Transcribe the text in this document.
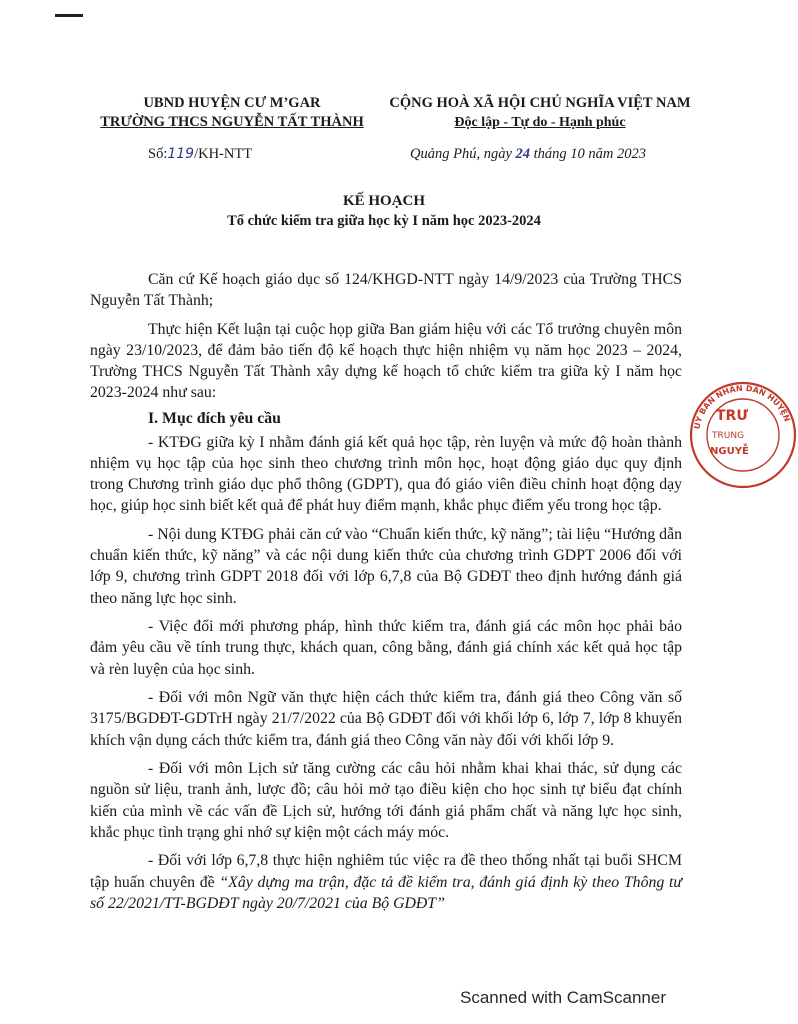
UBND HUYỆN CƯ M’GAR
TRƯỜNG THCS NGUYỄN TẤT THÀNH
CỘNG HOÀ XÃ HỘI CHỦ NGHĨA VIỆT NAM
Độc lập - Tự do - Hạnh phúc
Số:119/KH-NTT	Quảng Phú, ngày 24 tháng 10 năm 2023
KẾ HOẠCH
Tổ chức kiểm tra giữa học kỳ I năm học 2023-2024

Căn cứ Kế hoạch giáo dục số 124/KHGD-NTT ngày 14/9/2023 của Trường THCS Nguyễn Tất Thành;

Thực hiện Kết luận tại cuộc họp giữa Ban giám hiệu với các Tổ trưởng chuyên môn ngày 23/10/2023, để đảm bảo tiến độ kế hoạch thực hiện nhiệm vụ năm học 2023 – 2024, Trường THCS Nguyễn Tất Thành xây dựng kế hoạch tổ chức kiểm tra giữa kỳ I năm học 2023-2024 như sau:

I. Mục đích yêu cầu

- KTĐG giữa kỳ I nhằm đánh giá kết quả học tập, rèn luyện và mức độ hoàn thành nhiệm vụ học tập của học sinh theo chương trình môn học, hoạt động giáo dục quy định trong Chương trình giáo dục phổ thông (GDPT), qua đó giáo viên điều chỉnh hoạt động dạy học, giúp học sinh biết kết quả để phát huy điểm mạnh, khắc phục điểm yếu trong học tập.

- Nội dung KTĐG phải căn cứ vào “Chuẩn kiến thức, kỹ năng”; tài liệu “Hướng dẫn chuẩn kiến thức, kỹ năng” và các nội dung kiến thức của chương trình GDPT 2006 đối với lớp 9, chương trình GDPT 2018 đối với lớp 6,7,8 của Bộ GDĐT theo định hướng đánh giá theo năng lực học sinh.

- Việc đổi mới phương pháp, hình thức kiểm tra, đánh giá các môn học phải bảo đảm yêu cầu về tính trung thực, khách quan, công bằng, đánh giá chính xác kết quả học tập và rèn luyện của học sinh.

- Đối với môn Ngữ văn thực hiện cách thức kiểm tra, đánh giá theo Công văn số 3175/BGDĐT-GDTrH ngày 21/7/2022 của Bộ GDĐT đối với khối lớp 6, lớp 7, lớp 8 khuyến khích vận dụng cách thức kiểm tra, đánh giá theo Công văn này đối với khối lớp 9.

- Đối với môn Lịch sử tăng cường các câu hỏi nhằm khai khai thác, sử dụng các nguồn sử liệu, tranh ảnh, lược đồ; câu hỏi mở tạo điều kiện cho học sinh tự biểu đạt chính kiến của mình về các vấn đề Lịch sử, hướng tới đánh giá phẩm chất và năng lực học sinh, khắc phục tình trạng ghi nhớ sự kiện một cách máy móc.

- Đối với lớp 6,7,8 thực hiện nghiêm túc việc ra đề theo thống nhất tại buổi SHCM tập huấn chuyên đề “Xây dựng ma trận, đặc tả đề kiểm tra, đánh giá định kỳ theo Thông tư số 22/2021/TT-BGDĐT ngày 20/7/2021 của Bộ GDĐT”

UY BAN NHÂN DÂN HUYỆN
TRƯ
TRUNG
NGUYỄ
Scanned with CamScanner
